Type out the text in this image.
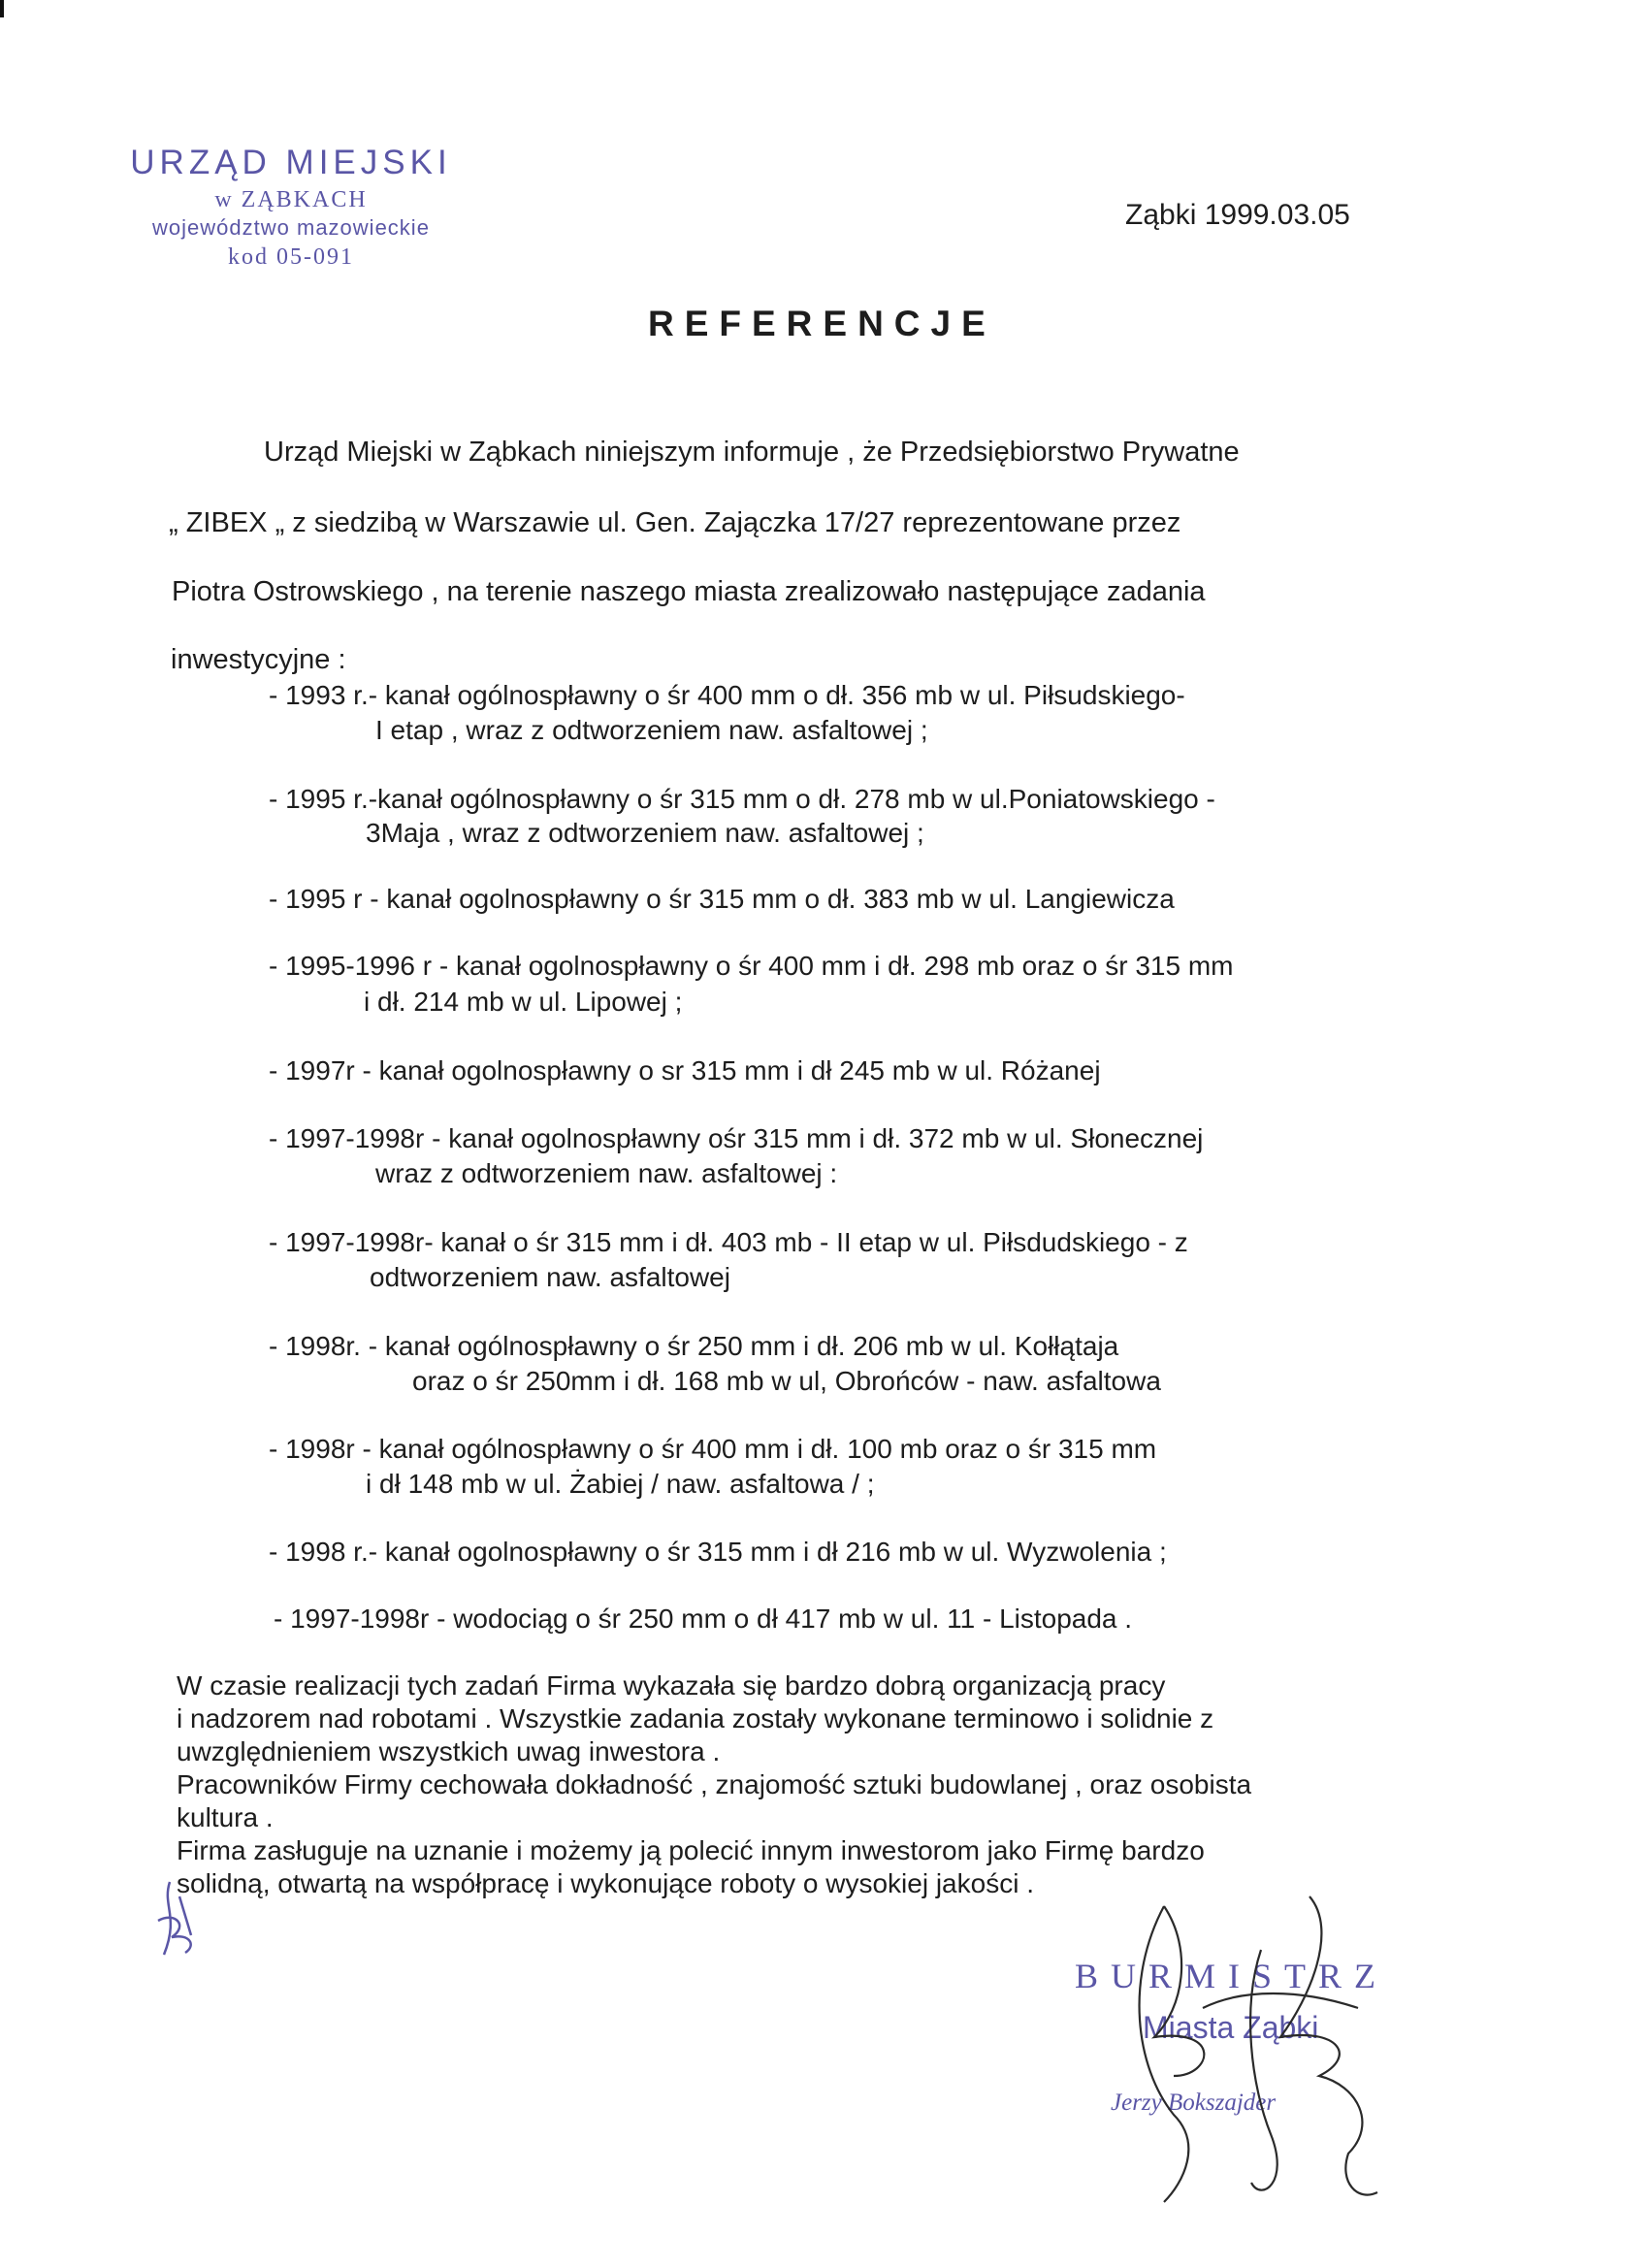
URZĄD MIEJSKI
w ZĄBKACH
województwo mazowieckie
kod 05-091
Ząbki 1999.03.05
REFERENCJE
Urząd Miejski w Ząbkach niniejszym informuje , że Przedsiębiorstwo Prywatne
„ ZIBEX „ z siedzibą w Warszawie ul. Gen. Zajączka 17/27 reprezentowane przez
Piotra Ostrowskiego , na terenie naszego miasta zrealizowało następujące zadania
inwestycyjne :
- 1993 r.- kanał ogólnospławny o śr 400 mm o dł. 356 mb w ul. Piłsudskiego-
I etap , wraz z odtworzeniem naw. asfaltowej ;
- 1995 r.-kanał ogólnospławny o śr 315 mm o dł. 278 mb w ul.Poniatowskiego -
3Maja , wraz z odtworzeniem naw. asfaltowej ;
- 1995 r - kanał ogolnospławny o śr 315 mm o dł. 383 mb w ul. Langiewicza
- 1995-1996 r - kanał ogolnospławny o śr 400 mm i dł. 298 mb oraz o śr 315 mm
i dł. 214 mb w ul. Lipowej ;
- 1997r - kanał ogolnospławny o sr 315 mm i dł 245 mb w ul. Różanej
- 1997-1998r - kanał ogolnospławny ośr 315 mm i dł. 372 mb w ul. Słonecznej
wraz z odtworzeniem naw. asfaltowej :
- 1997-1998r- kanał o śr 315 mm i dł. 403 mb - II etap w ul. Piłsdudskiego - z
odtworzeniem naw. asfaltowej
- 1998r. - kanał ogólnospławny o śr 250 mm i dł. 206 mb w ul. Kołłątaja
oraz o śr 250mm i dł. 168 mb w ul, Obrońców - naw. asfaltowa
- 1998r - kanał ogólnospławny o śr 400 mm i dł. 100 mb oraz o śr 315 mm
i dł 148 mb w ul. Żabiej / naw. asfaltowa / ;
- 1998 r.- kanał ogolnospławny o śr 315 mm i dł 216 mb w ul. Wyzwolenia ;
- 1997-1998r - wodociąg o śr 250 mm o dł 417 mb w ul. 11 - Listopada .
W czasie realizacji tych zadań Firma wykazała się bardzo dobrą organizacją pracy
i nadzorem nad robotami . Wszystkie zadania zostały wykonane terminowo i solidnie z
uwzględnieniem wszystkich uwag inwestora .
Pracowników Firmy cechowała dokładność , znajomość sztuki budowlanej , oraz osobista
kultura .
Firma zasługuje na uznanie i możemy ją polecić innym inwestorom jako Firmę bardzo
solidną, otwartą na współpracę i wykonujące roboty o wysokiej jakości .
BURMISTRZ
Miasta Ząbki
Jerzy Bokszajder
